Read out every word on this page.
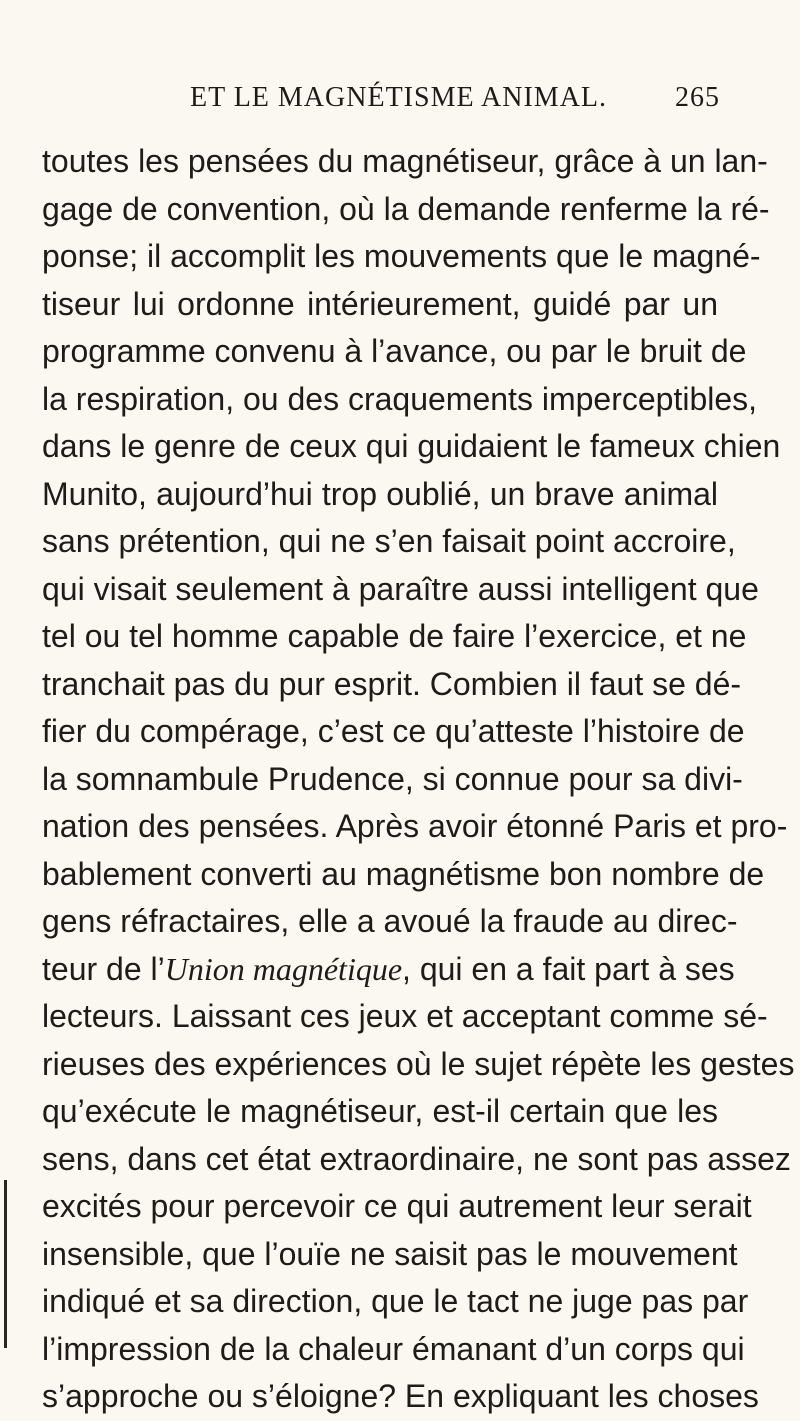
ET LE MAGNÉTISME ANIMAL. 265
toutes les pensées du magnétiseur, grâce à un lan-
gage de convention, où la demande renferme la ré-
ponse; il accomplit les mouvements que le magné-
tiseur lui ordonne intérieurement, guidé par un
programme convenu à l’avance, ou par le bruit de
la respiration, ou des craquements imperceptibles,
dans le genre de ceux qui guidaient le fameux chien
Munito, aujourd’hui trop oublié, un brave animal
sans prétention, qui ne s’en faisait point accroire,
qui visait seulement à paraître aussi intelligent que
tel ou tel homme capable de faire l’exercice, et ne
tranchait pas du pur esprit. Combien il faut se dé-
fier du compérage, c’est ce qu’atteste l’histoire de
la somnambule Prudence, si connue pour sa divi-
nation des pensées. Après avoir étonné Paris et pro-
bablement converti au magnétisme bon nombre de
gens réfractaires, elle a avoué la fraude au direc-
teur de l’Union magnétique, qui en a fait part à ses
lecteurs. Laissant ces jeux et acceptant comme sé-
rieuses des expériences où le sujet répète les gestes
qu’exécute le magnétiseur, est-il certain que les
sens, dans cet état extraordinaire, ne sont pas assez
excités pour percevoir ce qui autrement leur serait
insensible, que l’ouïe ne saisit pas le mouvement
indiqué et sa direction, que le tact ne juge pas par
l’impression de la chaleur émanant d’un corps qui
s’approche ou s’éloigne? En expliquant les choses
